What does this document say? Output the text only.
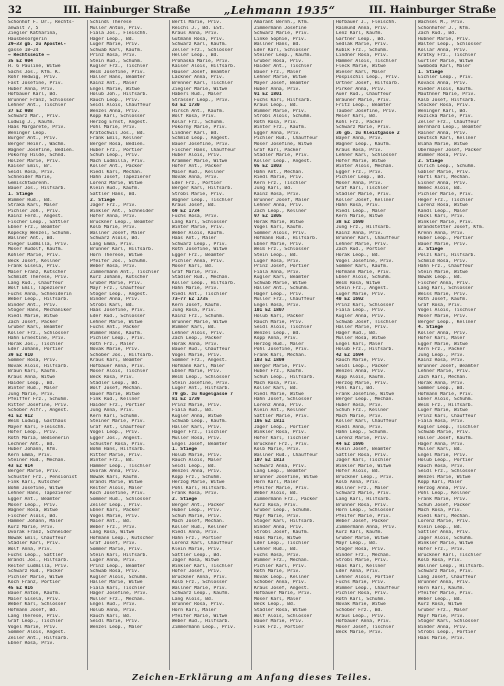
32	III. Hainburger Straße	„Lehmann 1935“	III. Hainburger Straße
Schönhof F. Dr., Rechts-
anwalt 7, 5
Ziegler Katharina,
Hausbesorgerin
29–33 gb. zu Apostel-
gasse 18–24
— Rechtsseite —
35 EZ 904
H. 6 Pauline, Witwe
Sachs Jos., Kfm. K.
Rohr Hedwig, Priv.
Fast Josefine, Priv.
Huber Anna, Priv.
Hofbauer Karl, Bd.
Brunner Franz, Schlosser
Lehner Ant., Tischler
37 EZ 908
Schwarz Mar., Priv.
Ludwig J., Kaufm.
Haas Margarete, Priv.
Weninger Leop.
Burger Ant., Priv.
Berger Heinr., Wachm.
Wagner Josefine, Bedien.
Pokorny Hilde, Schnd.
Holzer Marie, Priv.
Kaiser Emil, Br.
Seidl Rosa, Priv.
Schneider Marie,
Gemischtwarenh.
Bauer Jos., Hilfsarb.
1. Stiege
Wimmer Rud., Bd.
Straka Karl, Maler
Pichler Joh., Priv.
Kainz Ferd., Angest.
Fischer Leop., Sattler
Ebner Frz., Beamter
Kopecky Wenzel, Schuhm.
Wallner Ant., Bd.
Rieger Ludmilla, Priv.
Moser Rudolf, Kaufm.
Köhler Marie, Priv.
Beck Josef, Kellner
Frank Gisela, Priv.
Maier Franz, Kutscher
Schmidt Therese, Priv.
Lang Rud., Chauffeur
Wolf Emil, Tapezierer
Fuchs Anna, Schneiderin
Weber Leop., Hilfsarb.
Binder Ant., Priv.
Stöger Hans, Mechaniker
Riedl Marie, Witwe
Zach Josef, Packer
Gruber Karl, Beamter
Koller Frz., Schlosser
Hahn Ernestine, Priv.
Horak Jos., Tischler
Eder Johann, Portier
39 EZ 910
Sommer Rosa, Priv.
Novak Alois, Hilfsarb.
Braun Karl, Kaufm.
Kraus Anna, Witwe
Haider Leop., Bd.
Winter Rud., Maler
Jung Marie, Priv.
Pfeiffer Frz., Schuhm.
Ritter Josefine, Priv.
Schober Alfr., Angest.
41 EZ 912
Weiß Ludwig, Gasthaus
Mayer Karl, Fleischh.
Hofer Leop., Priv.
Roth Maria, Bedienerin
Lechner Ant., Bd.
Huber Johann, Kfm.
Kern Emma, Priv.
Steiner Rud., Mechan.
43 EZ 914
Berger Marie, Priv.
Schuster Frz., Pensionist
Fink Karl, Kutscher
Böhm Josefine, Witwe
Lehner Hans, Tapezierer
Egger Ant., Beamter
Moser Leop., Priv.
Wagner Rosa, Witwe
Fischer Alois, Bd.
Hammer Johann, Maler
Kurz Marie, Priv.
Dvorak Franz, Schneider
Nowak Emil, Chauffeur
Stadler Karl, Priv.
Wolf Anna, Priv.
Fuchs Leop., Sattler
Brandl Jos., Hilfsarb.
Reiter Ludmilla, Priv.
Schwarz Rud., Packer
Pichler Marie, Witwe
Koch Franz, Portier
45 EZ 916
Bauer Anton, Kaufm.
Maier Gisela, Priv.
Weber Karl, Schlosser
Hofmann Josef, Bd.
Lang Therese, Priv.
Graf Leop., Tischler
Vogel Marie, Priv.
Sommer Alois, Angest.
Zeiler Ant., Hilfsarb.
Ebner Rosa, Priv.
Schindl Therese
Müller Anton, Priv.
Fiala Jos., Fleischh.
Hager Leop., Bd.
Luger Marie, Priv.
Schwab Karl, Kaufm.
Prinz Rosa, Priv.
Stein Rud., Schuhm.
Kugler Frz., Tischler
Weiß Josefine, Priv.
Haller Hans, Beamter
Kainz Ant., Maler
Engel Marie, Witwe
Holub Joh., Hilfsarb.
Rauch Leop., Priv.
Seidl Alois, Chauffeur
Wenzel Anna, Priv.
Kopp Karl, Schlosser
Herzog Ernst, Angest.
Pohl Marie, Priv.
Kratochwil Jos., Bd.
Frank Emil, Kellner
Berger Rosa, Bedien.
Huber Frz., Portier
Schuh Leop., Priv.
Mach Ludmilla, Priv.
Koller Ant., Packer
Riedl Karl, Mechan.
Hahn Josef, Tapezierer
Lorenz Marie, Witwe
Klein Rud., Kaufm.
Sattler Hans, Bd.
2. Stiege
Jäger Frz., Priv.
Winkler Ant., Schneider
Hofer Anna, Priv.
Bruckner Leop., Beamter
Kolb Marie, Priv.
Wallner Josef, Maler
Schwarz Alois, Bd.
Lang Emma, Priv.
Brunner Karl, Hilfsarb.
Horn Therese, Witwe
Pfeifer Jos., Schuhm.
Weber Rosa, Priv.
Zimmermann Ant., Tischler
Kurz Johann, Kutscher
Gruber Marie, Priv.
Mayr Frz., Chauffeur
Stöger Leop., Angest.
Binder Anna, Priv.
Strobl Karl, Bd.
Haas Josefine, Priv.
Eder Rud., Schlosser
Lehner Marie, Witwe
Fuchs Ant., Packer
Wimmer Hans, Kaufm.
Pichler Leop., Priv.
Roth Frz., Maler
Novak Marie, Priv.
Schober Jos., Hilfsarb.
Kraus Karl, Beamter
Hofbauer Anna, Priv.
Moser Alois, Tischler
Beck Rosa, Priv.
Stadler Leop., Bd.
Wolf Josef, Mechan.
Bauer Marie, Witwe
Fink Rud., Kellner
Haider Frz., Portier
Jung Anna, Priv.
Kern Karl, Schuhm.
Steiner Marie, Priv.
Graf Ant., Chauffeur
Vogel Leop., Priv.
Egger Jos., Angest.
Schuster Rosa, Priv.
Böhm Hans, Hilfsarb.
Ritter Marie, Priv.
Winter Frz., Bd.
Hammer Leop., Tischler
Dvorak Anna, Priv.
Nowak Karl, Kaufm.
Brandl Marie, Witwe
Reiter Alois, Maler
Koch Josefine, Priv.
Sommer Rud., Schlosser
Zeiler Leop., Priv.
Ebner Karl, Packer
Vogel Marie, Priv.
Maier Ant., Bd.
Weber Frz., Priv.
Lang Rosa, Witwe
Hofmann Leop., Kutscher
Graf Josef, Priv.
Sommer Marie, Priv.
Stein Karl, Hilfsarb.
Luger Anna, Priv.
Prinz Leop., Beamter
Schwab Rosa, Priv.
Kugler Alois, Schuhm.
Haller Marie, Witwe
Fiala Karl, Tischler
Hager Josefine, Priv.
Müller Frz., Mechan.
Engel Rud., Priv.
Holub Anna, Priv.
Rauch Karl, Bd.
Seidl Marie, Priv.
Wenzel Leop., Maler
Bertl Marie, Priv.
Reichl J., Bd. ESt.
Kraus Anna, Priv.
Gutmann Rosa, Priv.
Schwarz Karl, Kaufm.
Zeller Frz., Schlosser
Heller Leop., Bd.
Prohaska Marie, Priv.
Kaiser Alois, Hilfsarb.
Hauser Josef, Beamter
Lackner Anna, Priv.
Brenner Karl, Tischler
Ziegler Marie, Witwe
Haberl Rud., Maler
Strasser Leop., Priv.
63 EZ 1730
Hirsch Ant., Kaufm.
Wolf Rosa, Priv.
Kolar Frz., Schuhm.
Pokorny Marie, Priv.
Lindner Karl, Bd.
Schmid Leop., Angest.
Bauer Josefine, Priv.
Fischer Hans, Chauffeur
Huber Alois, Priv.
Krammer Marie, Witwe
Hofer Ant., Packer
Maier Rud., Kellner
Novak Anna, Priv.
Eder Frz., Portier
Berger Karl, Hilfsarb.
Strobl Marie, Priv.
Wagner Leop., Tischler
Kraus Josef, Bd.
69 EZ 1734
Fuchs Rosa, Priv.
Lang Karl, Schlosser
Winter Marie, Priv.
Weber Alois, Kaufm.
Haas Ant., Maler
Schwarz Leop., Priv.
Roth Josefine, Witwe
Egger Frz., Beamter
Pichler Anna, Priv.
Moser Karl, Bd.
Graf Marie, Priv.
Stadler Rud., Mechan.
Koller Leop., Hilfsarb.
Hahn Marie, Priv.
Riedl Ant., Tischler
73–77 EZ 1735
Kern Josef, Kaufm.
Jung Rosa, Priv.
Kainz Frz., Schuhm.
Brunner Marie, Witwe
Wimmer Karl, Bd.
Lehner Alois, Priv.
Zach Leop., Packer
Horak Anna, Priv.
Bauer Rud., Chauffeur
Vogel Marie, Priv.
Sommer Frz., Angest.
Hofmann Karl, Maler
Ebner Marie, Priv.
Weiß Leop., Schlosser
Stein Josefine, Priv.
Luger Ant., Hilfsarb.
79 gb. zu Kugelgasse 7
81 EZ 1739
Prinz Marie, Priv.
Fiala Rud., Bd.
Kugler Anna, Witwe
Schwab Leop., Kaufm.
Haller Karl, Priv.
Hager Frz., Tischler
Müller Rosa, Priv.
Engel Josef, Beamter
1. Stiege
Holub Marie, Priv.
Rauch Alois, Maler
Seidl Leop., Bd.
Wenzel Anna, Priv.
Kopp Frz., Schuhm.
Herzog Marie, Witwe
Pohl Karl, Hilfsarb.
Frank Rosa, Priv.
2. Stiege
Berger Ant., Packer
Huber Leop., Priv.
Schuh Marie, Priv.
Mach Josef, Mechan.
Koller Rud., Kellner
Riedl Anna, Priv.
Hahn Frz., Portier
Lorenz Karl, Chauffeur
Klein Marie, Priv.
Sattler Leop., Bd.
Jäger Rosa, Witwe
Winkler Karl, Tischler
Hofer Josef, Priv.
Bruckner Anna, Priv.
Kolb Frz., Schlosser
Wallner Marie, Priv.
Schwarz Leop., Kaufm.
Lang Alois, Bd.
Brunner Rosa, Priv.
Horn Karl, Maler
Pfeifer Marie, Witwe
Weber Rud., Hilfsarb.
Zimmermann Leop., Priv.
Amarant Bernh., Kfm.
Zimmermann Josefine
Schwarz Marie, Priv.
Linke Sophie, Priv.
Wallner Hans, Bd.
Eder Karl, Schlosser
Steiner Leop., Kaufm.
Gruber Rosa, Priv.
Haider Ant., Tischler
Bauer Frz., Maler
Lehner Marie, Witwe
Mayer Josef, Beamter
Huber Anna, Priv.
91 EZ 1801
Fuchs Karl, Hilfsarb.
Kraus Leop., Bd.
Wimmer Marie, Priv.
Strobl Alois, Schuhm.
Roth Rosa, Priv.
Winter Frz., Kaufm.
Egger Anna, Priv.
Pichler Rud., Chauffeur
Moser Josefine, Witwe
Graf Karl, Packer
Stadler Marie, Priv.
Koller Leop., Angest.
95 EZ 1803
Hahn Ant., Mechan.
Riedl Marie, Priv.
Kern Frz., Tischler
Jung Karl, Bd.
Kainz Rosa, Priv.
Brunner Josef, Maler
Lehner Anna, Priv.
Zach Leop., Kellner
97 EZ 1805
Horak Marie, Witwe
Vogel Karl, Kaufm.
Sommer Alois, Priv.
Hofmann Rud., Hilfsarb.
Ebner Marie, Priv.
Weiß Frz., Schlosser
Stein Leop., Bd.
Luger Rosa, Priv.
Prinz Josef, Portier
Fiala Anna, Priv.
Kugler Karl, Beamter
Schwab Marie, Witwe
Haller Ant., Schuhm.
Hager Leop., Priv.
Müller Frz., Chauffeur
Engel Rosa, Priv.
101 EZ 1807
Holub Karl, Packer
Rauch Marie, Priv.
Seidl Alois, Tischler
Wenzel Leop., Bd.
Kopp Anna, Priv.
Herzog Rud., Maler
Pohl Josefine, Priv.
Frank Karl, Mechan.
103 EZ 1809
Berger Marie, Priv.
Huber Frz., Kaufm.
Schuh Leop., Hilfsarb.
Mach Rosa, Priv.
Koller Karl, Bd.
Riedl Marie, Witwe
Hahn Josef, Schlosser
Lorenz Anna, Priv.
Klein Ant., Kellner
Sattler Marie, Priv.
105 EZ 1811
Jäger Leop., Portier
Winkler Rosa, Priv.
Hofer Karl, Tischler
Bruckner Frz., Priv.
Kolb Marie, Priv.
Wallner Rud., Chauffeur
107 EZ 1813
Schwarz Anna, Priv.
Lang Leop., Beamter
Brunner Josefine, Witwe
Horn Karl, Maler
Pfeifer Marie, Priv.
Weber Alois, Bd.
Zimmermann Frz., Packer
Kurz Rosa, Priv.
Gruber Leop., Schuhm.
Mayr Marie, Priv.
Stöger Karl, Hilfsarb.
Binder Anna, Priv.
Strobl Josef, Kaufm.
Haas Marie, Witwe
Eder Leop., Tischler
Lehner Rud., Bd.
Fuchs Rosa, Priv.
Wimmer Frz., Mechan.
Pichler Karl, Priv.
Roth Marie, Priv.
Novak Leop., Kellner
Schober Anna, Priv.
Kraus Josef, Angest.
Hofbauer Marie, Priv.
Moser Karl, Maler
Beck Leop., Bd.
Stadler Rosa, Witwe
Wolf Alois, Schlosser
Bauer Marie, Priv.
Fink Frz., Portier
Hofbauer J., Fleischh.
Raimund Anna, Priv.
Lenz Karl, Kaufm.
Gartner Leop., Bd.
Sedlak Marie, Priv.
Kubik Frz., Schuhm.
Lindner Rosa, Priv.
Hammer Alois, Tischler
Fleck Marie, Witwe
Wieser Karl, Maler
Pospischil Leop., Priv.
Ortner Josef, Hilfsarb.
Pirker Anna, Priv.
Auer Rud., Chauffeur
Brauner Marie, Priv.
Fritz Leop., Beamter
Tauber Josefine, Priv.
Meier Karl, Bd.
Kohl Frz., Packer
Schwarz Marie, Priv.
36 gb. zu Kleistgasse 2
Bayer Anna, Priv.
Wagner Leop., Kaufm.
Kraus Rosa, Priv.
Lehner Karl, Schlosser
Hofer Marie, Witwe
Winter Alois, Mechan.
Egger Frz., Priv.
Pichler Leop., Bd.
Moser Anna, Priv.
Graf Karl, Tischler
Stadler Marie, Priv.
Koller Josef, Kellner
Hahn Rosa, Priv.
Riedl Leop., Maler
Kern Marie, Witwe
38 EZ 1690
Jung Frz., Hilfsarb.
Kainz Anna, Priv.
Brunner Karl, Chauffeur
Lehner Marie, Priv.
Zach Rud., Portier
Horak Leop., Bd.
Vogel Josefine, Priv.
Sommer Karl, Kaufm.
Hofmann Marie, Priv.
Ebner Alois, Schuhm.
Weiß Rosa, Witwe
Stein Frz., Angest.
Luger Marie, Priv.
40 EZ 1692
Prinz Karl, Schlosser
Fiala Leop., Priv.
Kugler Anna, Priv.
Schwab Josef, Tischler
Haller Marie, Priv.
Hager Rud., Bd.
Müller Rosa, Witwe
Engel Karl, Maler
Holub Frz., Hilfsarb.
42 EZ 1694
Rauch Marie, Priv.
Seidl Leop., Packer
Wenzel Anna, Priv.
Kopp Alois, Kaufm.
Herzog Marie, Priv.
Pohl Karl, Bd.
Frank Josefine, Witwe
Berger Leop., Mechan.
Huber Rosa, Priv.
Schuh Frz., Kellner
Mach Marie, Priv.
Koller Karl, Chauffeur
Riedl Anna, Priv.
Hahn Leop., Schuhm.
Lorenz Marie, Priv.
44 EZ 1696
Klein Josef, Beamter
Sattler Rosa, Priv.
Jäger Karl, Tischler
Winkler Marie, Witwe
Hofer Alois, Bd.
Bruckner Leop., Priv.
Kolb Anna, Priv.
Wallner Frz., Maler
Schwarz Marie, Priv.
Lang Karl, Hilfsarb.
Brunner Rosa, Priv.
Horn Leop., Schlosser
Pfeifer Marie, Priv.
Weber Josef, Packer
Zimmermann Anna, Priv.
Kurz Karl, Kaufm.
Gruber Marie, Witwe
Mayr Leop., Bd.
Stöger Rosa, Priv.
Binder Frz., Mechan.
Strobl Marie, Priv.
Haas Karl, Kellner
Eder Anna, Priv.
Lehner Alois, Portier
Fuchs Marie, Priv.
Wimmer Leop., Chauffeur
Pichler Rosa, Priv.
Roth Karl, Schuhm.
Novak Marie, Witwe
Schober Frz., Bd.
Kraus Leop., Priv.
Hofbauer Anna, Priv.
Moser Josef, Tischler
Beck Marie, Priv.
Wachsel M., Priv.
Schönhöfer J., Kfm.
Zach Rud., Bd.
Hübner Marie, Priv.
Walter Leop., Schlosser
Kollar Anna, Priv.
Kratky Frz., Tischler
Gürtler Marie, Witwe
Swoboda Karl, Maler
1. Stiege
Eichler Leop., Priv.
Kovacs Anna, Priv.
Rieder Alois, Kaufm.
Mauthner Marie, Priv.
Kalb Josef, Hilfsarb.
Stocker Rosa, Priv.
Weninger Karl, Bd.
Ruzicka Marie, Priv.
Zeller Frz., Chauffeur
Bernhard Leop., Beamter
Rainer Anna, Priv.
Deutsch Karl, Kellner
Blaha Marie, Witwe
Obermayer Josef, Packer
Wimmer Rosa, Priv.
2. Stiege
Ulrich Leop., Schuhm.
Gabler Marie, Priv.
Hartl Karl, Mechan.
Eisner Anna, Priv.
Nemec Alois, Bd.
Pichler Marie, Priv.
Heger Frz., Tischler
Lorenz Rosa, Witwe
Kandl Leop., Maler
Hackl Karl, Priv.
Winkler Marie, Priv.
Brandstetter Josef, Kfm.
Krenn Anna, Priv.
Huber Leop., Portier
Bauer Marie, Priv.
3. Stiege
Pölzl Karl, Hilfsarb.
Schmid Rosa, Priv.
Hahn Frz., Chauffeur
Stein Marie, Witwe
Nowak Leop., Bd.
Fischer Anna, Priv.
Lang Karl, Schlosser
Weiss Marie, Priv.
Roth Josef, Kaufm.
Graf Rosa, Priv.
Vogel Alois, Tischler
Moser Marie, Priv.
Berger Leop., Kellner
4. Stiege
Koller Anna, Priv.
Hofer Karl, Maler
Egger Marie, Witwe
Kern Frz., Packer
Jung Leop., Priv.
Kainz Rosa, Priv.
Brunner Josef, Beamter
Lehner Marie, Priv.
Zach Karl, Mechan.
Horak Anna, Priv.
Sommer Leop., Bd.
Hofmann Marie, Priv.
Ebner Alois, Schuhm.
Weiß Frz., Hilfsarb.
Luger Marie, Witwe
Prinz Karl, Chauffeur
Fiala Rosa, Priv.
Kugler Leop., Tischler
Schwab Marie, Priv.
Haller Josef, Kaufm.
Hager Anna, Priv.
Müller Karl, Bd.
Engel Marie, Priv.
Holub Leop., Portier
Rauch Rosa, Priv.
Seidl Frz., Schlosser
Wenzel Marie, Witwe
Kopp Karl, Maler
Herzog Anna, Priv.
Pohl Leop., Kellner
Frank Marie, Priv.
Schuh Josef, Packer
Mach Rosa, Priv.
Riedl Karl, Mechan.
Lorenz Marie, Priv.
Klein Leop., Bd.
Sattler Anna, Priv.
Jäger Alois, Schuhm.
Winkler Marie, Witwe
Hofer Frz., Priv.
Bruckner Karl, Tischler
Kolb Rosa, Priv.
Wallner Leop., Hilfsarb.
Schwarz Marie, Priv.
Lang Josef, Chauffeur
Brunner Anna, Priv.
Horn Karl, Kaufm.
Pfeifer Marie, Priv.
Weber Leop., Bd.
Kurz Rosa, Witwe
Gruber Frz., Maler
Mayr Marie, Priv.
Stöger Karl, Schlosser
Binder Anna, Priv.
Strobl Leop., Portier
Haas Marie, Priv.
Zeichen-Erklärung am Anfang dieses Teiles.
